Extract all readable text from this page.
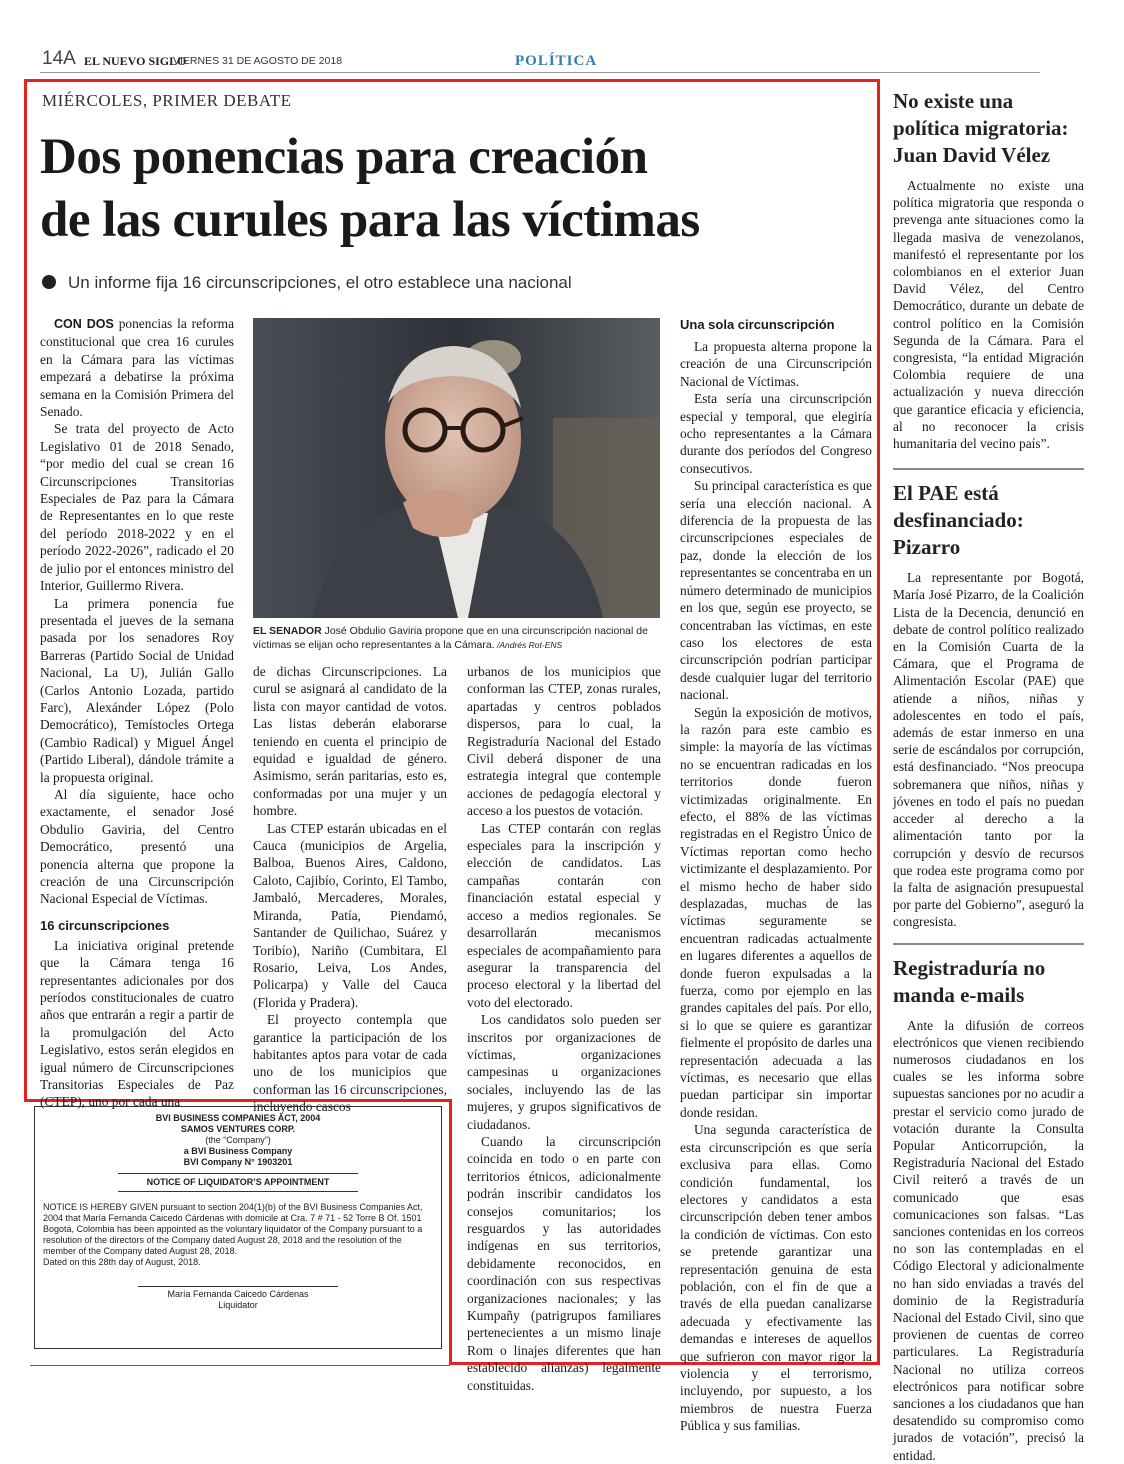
14A EL NUEVO SIGLO
VIERNES 31 DE AGOSTO DE 2018	POLÍTICA
MIÉRCOLES, PRIMER DEBATE
Dos ponencias para creación
de las curules para las víctimas
Un informe fija 16 circunscripciones, el otro establece una nacional

CON DOS ponencias la reforma constitucional que crea 16 curules en la Cámara para las víctimas empezará a debatirse la próxima semana en la Comisión Primera del Senado.

Se trata del proyecto de Acto Legislativo 01 de 2018 Senado, “por medio del cual se crean 16 Circunscripciones Transitorias Especiales de Paz para la Cámara de Representantes en lo que reste del período 2018-2022 y en el período 2022-2026”, radicado el 20 de julio por el entonces ministro del Interior, Guillermo Rivera.

La primera ponencia fue presentada el jueves de la semana pasada por los senadores Roy Barreras (Partido Social de Unidad Nacional, La U), Julián Gallo (Carlos Antonio Lozada, partido Farc), Alexánder López (Polo Democrático), Temístocles Ortega (Cambio Radical) y Miguel Ángel (Partido Liberal), dándole trámite a la propuesta original.

Al día siguiente, hace ocho exactamente, el senador José Obdulio Gaviria, del Centro Democrático, presentó una ponencia alterna que propone la creación de una Circunscripción Nacional Especial de Víctimas.

16 circunscripciones

La iniciativa original pretende que la Cámara tenga 16 representantes adicionales por dos períodos constitucionales de cuatro años que entrarán a regir a partir de la promulgación del Acto Legislativo, estos serán elegidos en igual número de Circunscripciones Transitorias Especiales de Paz (CTEP), uno por cada una

EL SENADOR José Obdulio Gaviria propone que en una circunscripción nacional de víctimas se elijan ocho representantes a la Cámara. /Andrés Rot-ENS

de dichas Circunscripciones. La curul se asignará al candidato de la lista con mayor cantidad de votos. Las listas deberán elaborarse teniendo en cuenta el principio de equidad e igualdad de género. Asimismo, serán paritarias, esto es, conformadas por una mujer y un hombre.

Las CTEP estarán ubicadas en el Cauca (municipios de Argelia, Balboa, Buenos Aires, Caldono, Caloto, Cajibío, Corinto, El Tambo, Jambaló, Mercaderes, Morales, Miranda, Patía, Piendamó, Santander de Quilichao, Suárez y Toribío), Nariño (Cumbitara, El Rosario, Leiva, Los Andes, Policarpa) y Valle del Cauca (Florida y Pradera).

El proyecto contempla que garantice la participación de los habitantes aptos para votar de cada uno de los municipios que conforman las 16 circunscripciones, incluyendo cascos

urbanos de los municipios que conforman las CTEP, zonas rurales, apartadas y centros poblados dispersos, para lo cual, la Registraduría Nacional del Estado Civil deberá disponer de una estrategia integral que contemple acciones de pedagogía electoral y acceso a los puestos de votación.

Las CTEP contarán con reglas especiales para la inscripción y elección de candidatos. Las campañas contarán con financiación estatal especial y acceso a medios regionales. Se desarrollarán mecanismos especiales de acompañamiento para asegurar la transparencia del proceso electoral y la libertad del voto del electorado.

Los candidatos solo pueden ser inscritos por organizaciones de víctimas, organizaciones campesinas u organizaciones sociales, incluyendo las de las mujeres, y grupos significativos de ciudadanos.

Cuando la circunscripción coincida en todo o en parte con territorios étnicos, adicionalmente podrán inscribir candidatos los consejos comunitarios; los resguardos y las autoridades indígenas en sus territorios, debidamente reconocidos, en coordinación con sus respectivas organizaciones nacionales; y las Kumpañy (patrigrupos familiares pertenecientes a un mismo linaje Rom o linajes diferentes que han establecido alianzas) legalmente constituidas.

Una sola circunscripción

La propuesta alterna propone la creación de una Circunscripción Nacional de Víctimas.

Esta sería una circunscripción especial y temporal, que elegiría ocho representantes a la Cámara durante dos períodos del Congreso consecutivos.

Su principal característica es que sería una elección nacional. A diferencia de la propuesta de las circunscripciones especiales de paz, donde la elección de los representantes se concentraba en un número determinado de municipios en los que, según ese proyecto, se concentraban las víctimas, en este caso los electores de esta circunscripción podrían participar desde cualquier lugar del territorio nacional.

Según la exposición de motivos, la razón para este cambio es simple: la mayoría de las víctimas no se encuentran radicadas en los territorios donde fueron victimizadas originalmente. En efecto, el 88% de las víctimas registradas en el Registro Único de Víctimas reportan como hecho victimizante el desplazamiento. Por el mismo hecho de haber sido desplazadas, muchas de las víctimas seguramente se encuentran radicadas actualmente en lugares diferentes a aquellos de donde fueron expulsadas a la fuerza, como por ejemplo en las grandes capitales del país. Por ello, si lo que se quiere es garantizar fielmente el propósito de darles una representación adecuada a las víctimas, es necesario que ellas puedan participar sin importar donde residan.

Una segunda característica de esta circunscripción es que sería exclusiva para ellas. Como condición fundamental, los electores y candidatos a esta circunscripción deben tener ambos la condición de víctimas. Con esto se pretende garantizar una representación genuina de esta población, con el fin de que a través de ella puedan canalizarse adecuada y efectivamente las demandas e intereses de aquellos que sufrieron con mayor rigor la violencia y el terrorismo, incluyendo, por supuesto, a los miembros de nuestra Fuerza Pública y sus familias.

No existe una política migratoria: Juan David Vélez

Actualmente no existe una política migratoria que responda o prevenga ante situaciones como la llegada masiva de venezolanos, manifestó el representante por los colombianos en el exterior Juan David Vélez, del Centro Democrático, durante un debate de control político en la Comisión Segunda de la Cámara. Para el congresista, “la entidad Migración Colombia requiere de una actualización y nueva dirección que garantice eficacia y eficiencia, al no reconocer la crisis humanitaria del vecino país”.

El PAE está desfinanciado: Pizarro

La representante por Bogotá, María José Pizarro, de la Coalición Lista de la Decencia, denunció en debate de control político realizado en la Comisión Cuarta de la Cámara, que el Programa de Alimentación Escolar (PAE) que atiende a niños, niñas y adolescentes en todo el país, además de estar inmerso en una serie de escándalos por corrupción, está desfinanciado. “Nos preocupa sobremanera que niños, niñas y jóvenes en todo el país no puedan acceder al derecho a la alimentación tanto por la corrupción y desvío de recursos que rodea este programa como por la falta de asignación presupuestal por parte del Gobierno”, aseguró la congresista.

Registraduría no manda e-mails

Ante la difusión de correos electrónicos que vienen recibiendo numerosos ciudadanos en los cuales se les informa sobre supuestas sanciones por no acudir a prestar el servicio como jurado de votación durante la Consulta Popular Anticorrupción, la Registraduría Nacional del Estado Civil reiteró a través de un comunicado que esas comunicaciones son falsas. “Las sanciones contenidas en los correos no son las contempladas en el Código Electoral y adicionalmente no han sido enviadas a través del dominio de la Registraduría Nacional del Estado Civil, sino que provienen de cuentas de correo particulares. La Registraduría Nacional no utiliza correos electrónicos para notificar sobre sanciones a los ciudadanos que han desatendido su compromiso como jurados de votación”, precisó la entidad.

BVI BUSINESS COMPANIES ACT, 2004
SAMOS VENTURES CORP.
(the “Company”)
a BVI Business Company
BVI Company N° 1903201
NOTICE OF LIQUIDATOR’S APPOINTMENT
NOTICE IS HEREBY GIVEN pursuant to section 204(1)(b) of the BVI Business Companies Act, 2004 that María Fernanda Caicedo Cárdenas with domicile at Cra. 7 # 71 - 52 Torre B Of. 1501 Bogotá, Colombia has been appointed as the voluntary liquidator of the Company pursuant to a resolution of the directors of the Company dated August 28, 2018 and the resolution of the member of the Company dated August 28, 2018.
Dated on this 28th day of August, 2018.
María Fernanda Caicedo Cárdenas
Liquidator
